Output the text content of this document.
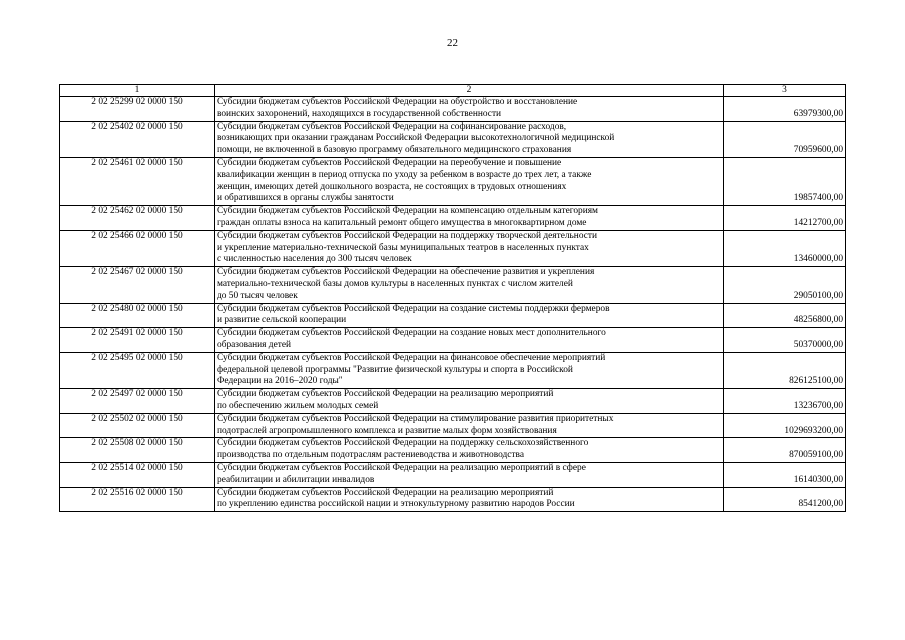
22
1	2	3
2 02 25299 02 0000 150	Субсидии бюджетам субъектов Российской Федерации на обустройство и восстановление
воинских захоронений, находящихся в государственной собственности	63979300,00
2 02 25402 02 0000 150	Субсидии бюджетам субъектов Российской Федерации на софинансирование расходов,
возникающих при оказании гражданам Российской Федерации высокотехнологичной медицинской
помощи, не включенной в базовую программу обязательного медицинского страхования	70959600,00
2 02 25461 02 0000 150	Субсидии бюджетам субъектов Российской Федерации на переобучение и повышение
квалификации женщин в период отпуска по уходу за ребенком в возрасте до трех лет, а также
женщин, имеющих детей дошкольного возраста, не состоящих в трудовых отношениях
и обратившихся в органы службы занятости	19857400,00
2 02 25462 02 0000 150	Субсидии бюджетам субъектов Российской Федерации на компенсацию отдельным категориям
граждан оплаты взноса на капитальный ремонт общего имущества в многоквартирном доме	14212700,00
2 02 25466 02 0000 150	Субсидии бюджетам субъектов Российской Федерации на поддержку творческой деятельности
и укрепление материально-технической базы муниципальных театров в населенных пунктах
с численностью населения до 300 тысяч человек	13460000,00
2 02 25467 02 0000 150	Субсидии бюджетам субъектов Российской Федерации на обеспечение развития и укрепления
материально-технической базы домов культуры в населенных пунктах с числом жителей
до 50 тысяч человек	29050100,00
2 02 25480 02 0000 150	Субсидии бюджетам субъектов Российской Федерации на создание системы поддержки фермеров
и развитие сельской кооперации	48256800,00
2 02 25491 02 0000 150	Субсидии бюджетам субъектов Российской Федерации на создание новых мест дополнительного
образования детей	50370000,00
2 02 25495 02 0000 150	Субсидии бюджетам субъектов Российской Федерации на финансовое обеспечение мероприятий
федеральной целевой программы "Развитие физической культуры и спорта в Российской
Федерации на 2016–2020 годы"	826125100,00
2 02 25497 02 0000 150	Субсидии бюджетам субъектов Российской Федерации на реализацию мероприятий
по обеспечению жильем молодых семей	13236700,00
2 02 25502 02 0000 150	Субсидии бюджетам субъектов Российской Федерации на стимулирование развития приоритетных
подотраслей агропромышленного комплекса и развитие малых форм хозяйствования	1029693200,00
2 02 25508 02 0000 150	Субсидии бюджетам субъектов Российской Федерации на поддержку сельскохозяйственного
производства по отдельным подотраслям растениеводства и животноводства	870059100,00
2 02 25514 02 0000 150	Субсидии бюджетам субъектов Российской Федерации на реализацию мероприятий в сфере
реабилитации и абилитации инвалидов	16140300,00
2 02 25516 02 0000 150	Субсидии бюджетам субъектов Российской Федерации на реализацию мероприятий
по укреплению единства российской нации и этнокультурному развитию народов России	8541200,00
